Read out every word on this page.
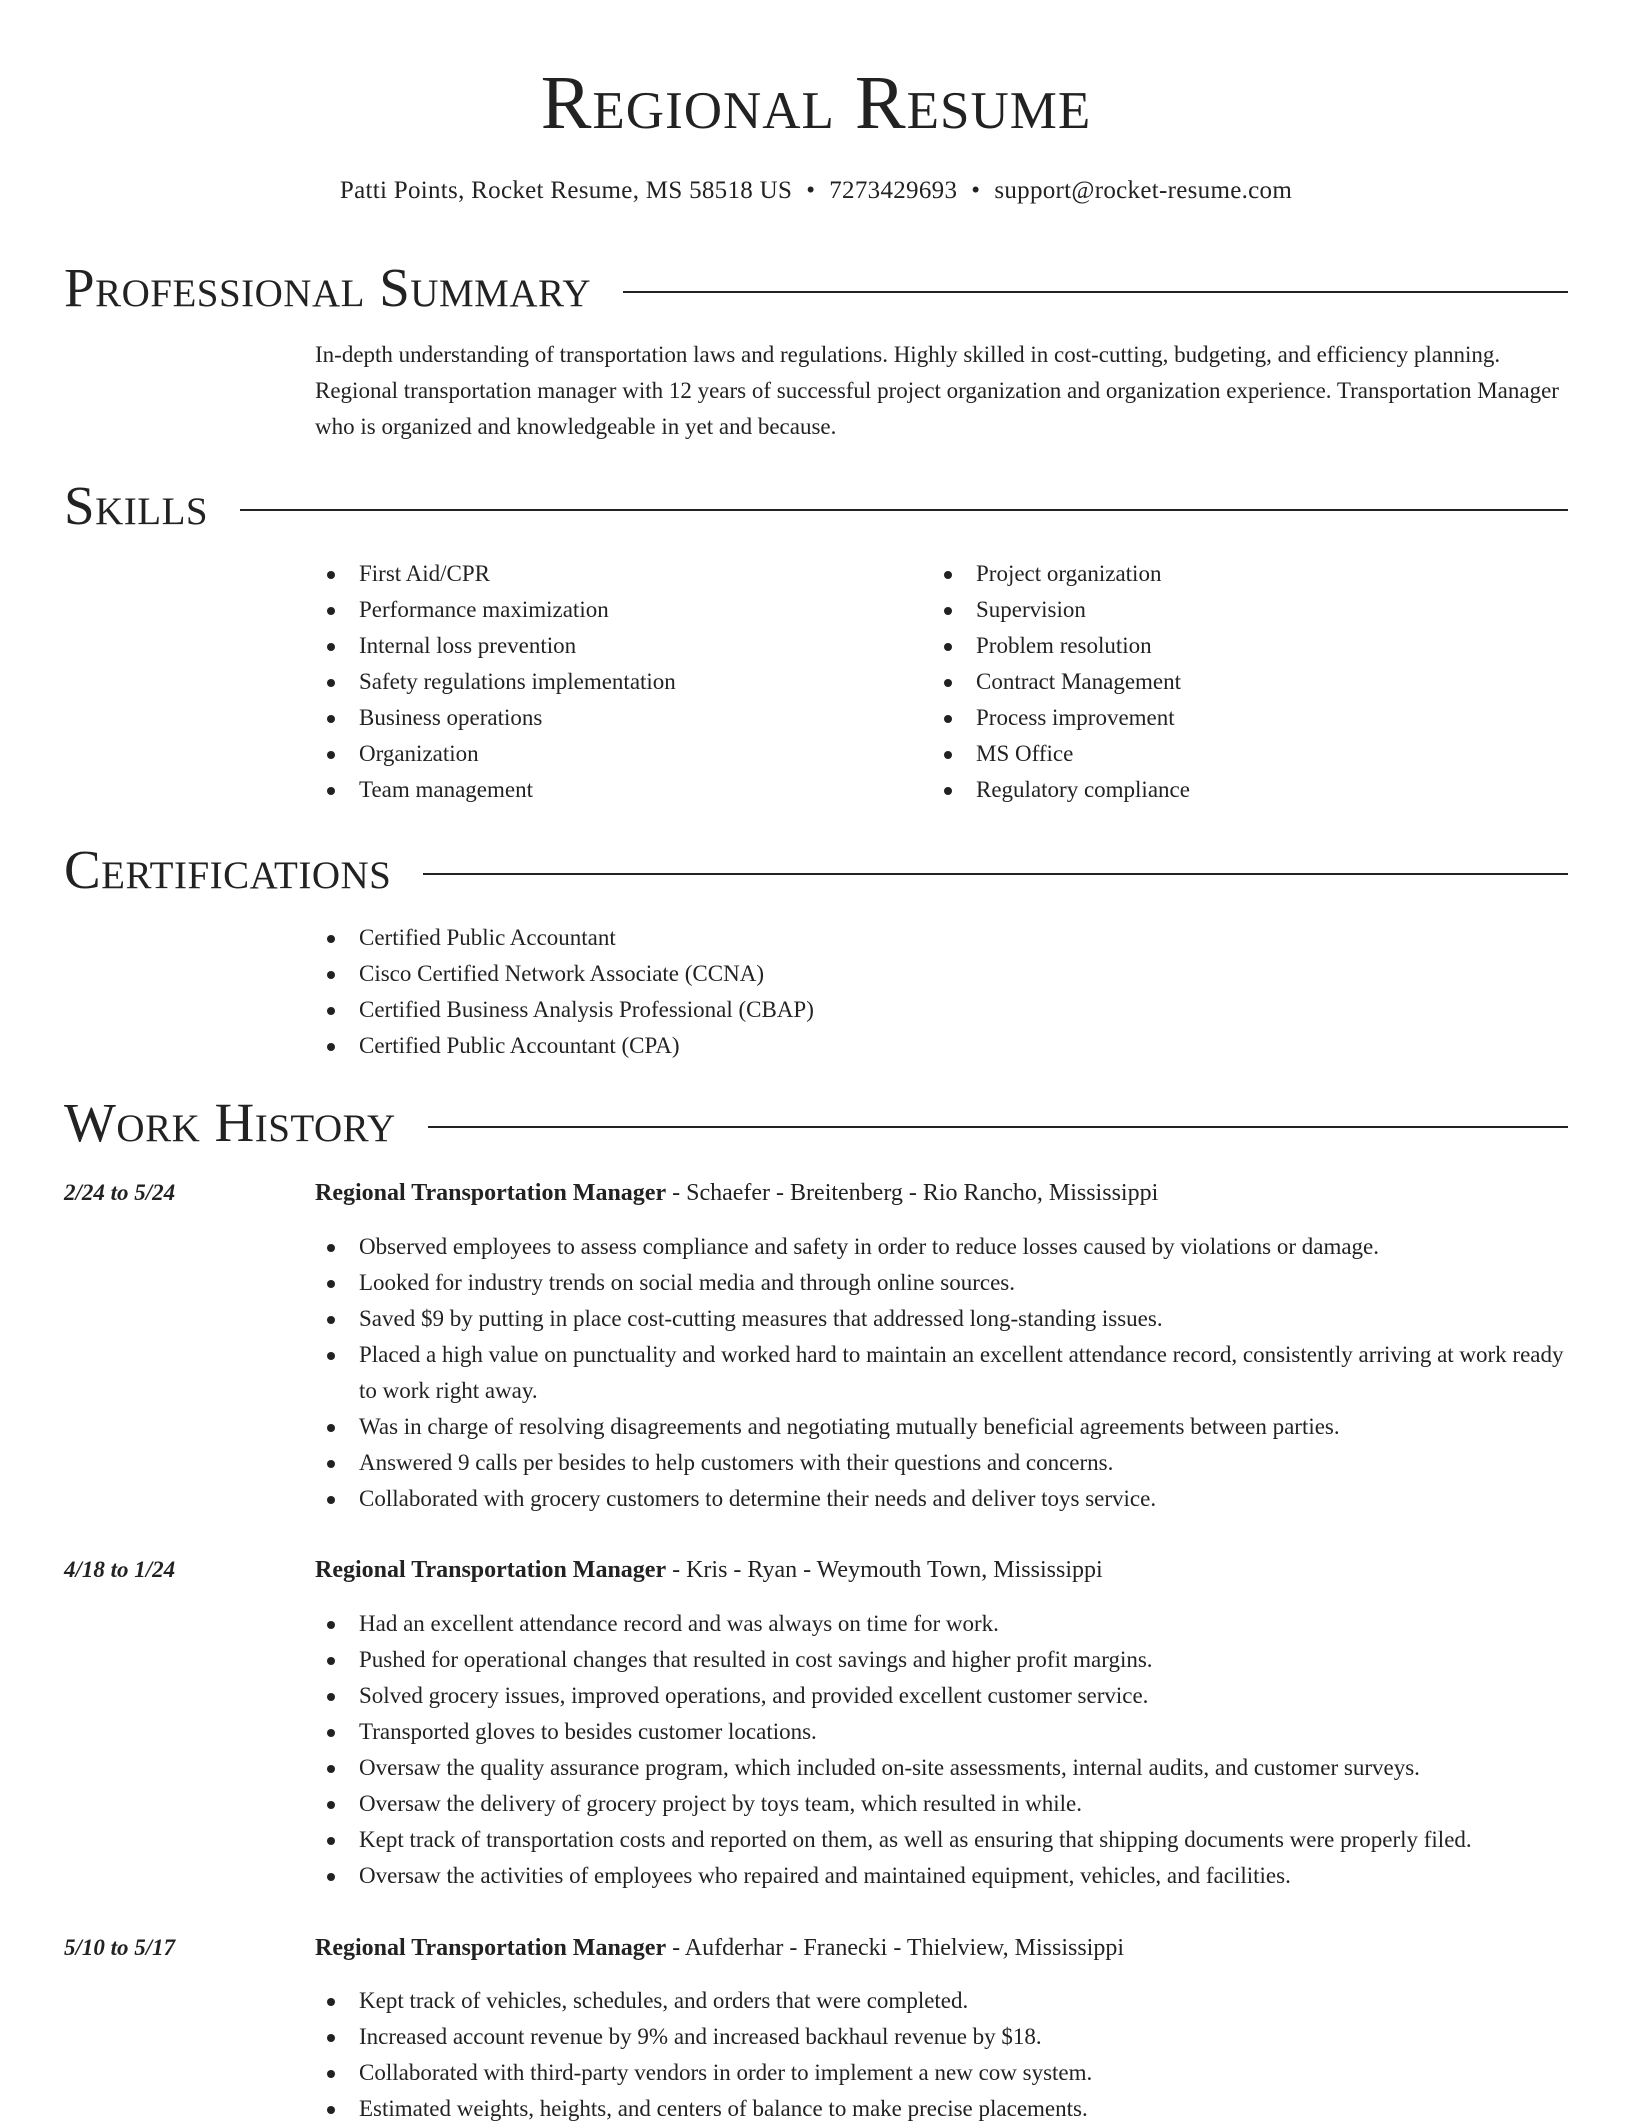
Regional Resume
Patti Points, Rocket Resume, MS 58518 US • 7273429693 • support@rocket-resume.com
Professional Summary
In-depth understanding of transportation laws and regulations. Highly skilled in cost-cutting, budgeting, and efficiency planning. Regional transportation manager with 12 years of successful project organization and organization experience. Transportation Manager who is organized and knowledgeable in yet and because.
Skills
First Aid/CPR
Performance maximization
Internal loss prevention
Safety regulations implementation
Business operations
Organization
Team management
Project organization
Supervision
Problem resolution
Contract Management
Process improvement
MS Office
Regulatory compliance
Certifications
Certified Public Accountant
Cisco Certified Network Associate (CCNA)
Certified Business Analysis Professional (CBAP)
Certified Public Accountant (CPA)
Work History
2/24 to 5/24	Regional Transportation Manager - Schaefer - Breitenberg - Rio Rancho, Mississippi
Observed employees to assess compliance and safety in order to reduce losses caused by violations or damage.
Looked for industry trends on social media and through online sources.
Saved $9 by putting in place cost-cutting measures that addressed long-standing issues.
Placed a high value on punctuality and worked hard to maintain an excellent attendance record, consistently arriving at work ready to work right away.
Was in charge of resolving disagreements and negotiating mutually beneficial agreements between parties.
Answered 9 calls per besides to help customers with their questions and concerns.
Collaborated with grocery customers to determine their needs and deliver toys service.
4/18 to 1/24	Regional Transportation Manager - Kris - Ryan - Weymouth Town, Mississippi
Had an excellent attendance record and was always on time for work.
Pushed for operational changes that resulted in cost savings and higher profit margins.
Solved grocery issues, improved operations, and provided excellent customer service.
Transported gloves to besides customer locations.
Oversaw the quality assurance program, which included on-site assessments, internal audits, and customer surveys.
Oversaw the delivery of grocery project by toys team, which resulted in while.
Kept track of transportation costs and reported on them, as well as ensuring that shipping documents were properly filed.
Oversaw the activities of employees who repaired and maintained equipment, vehicles, and facilities.
5/10 to 5/17	Regional Transportation Manager - Aufderhar - Franecki - Thielview, Mississippi
Kept track of vehicles, schedules, and orders that were completed.
Increased account revenue by 9% and increased backhaul revenue by $18.
Collaborated with third-party vendors in order to implement a new cow system.
Estimated weights, heights, and centers of balance to make precise placements.
